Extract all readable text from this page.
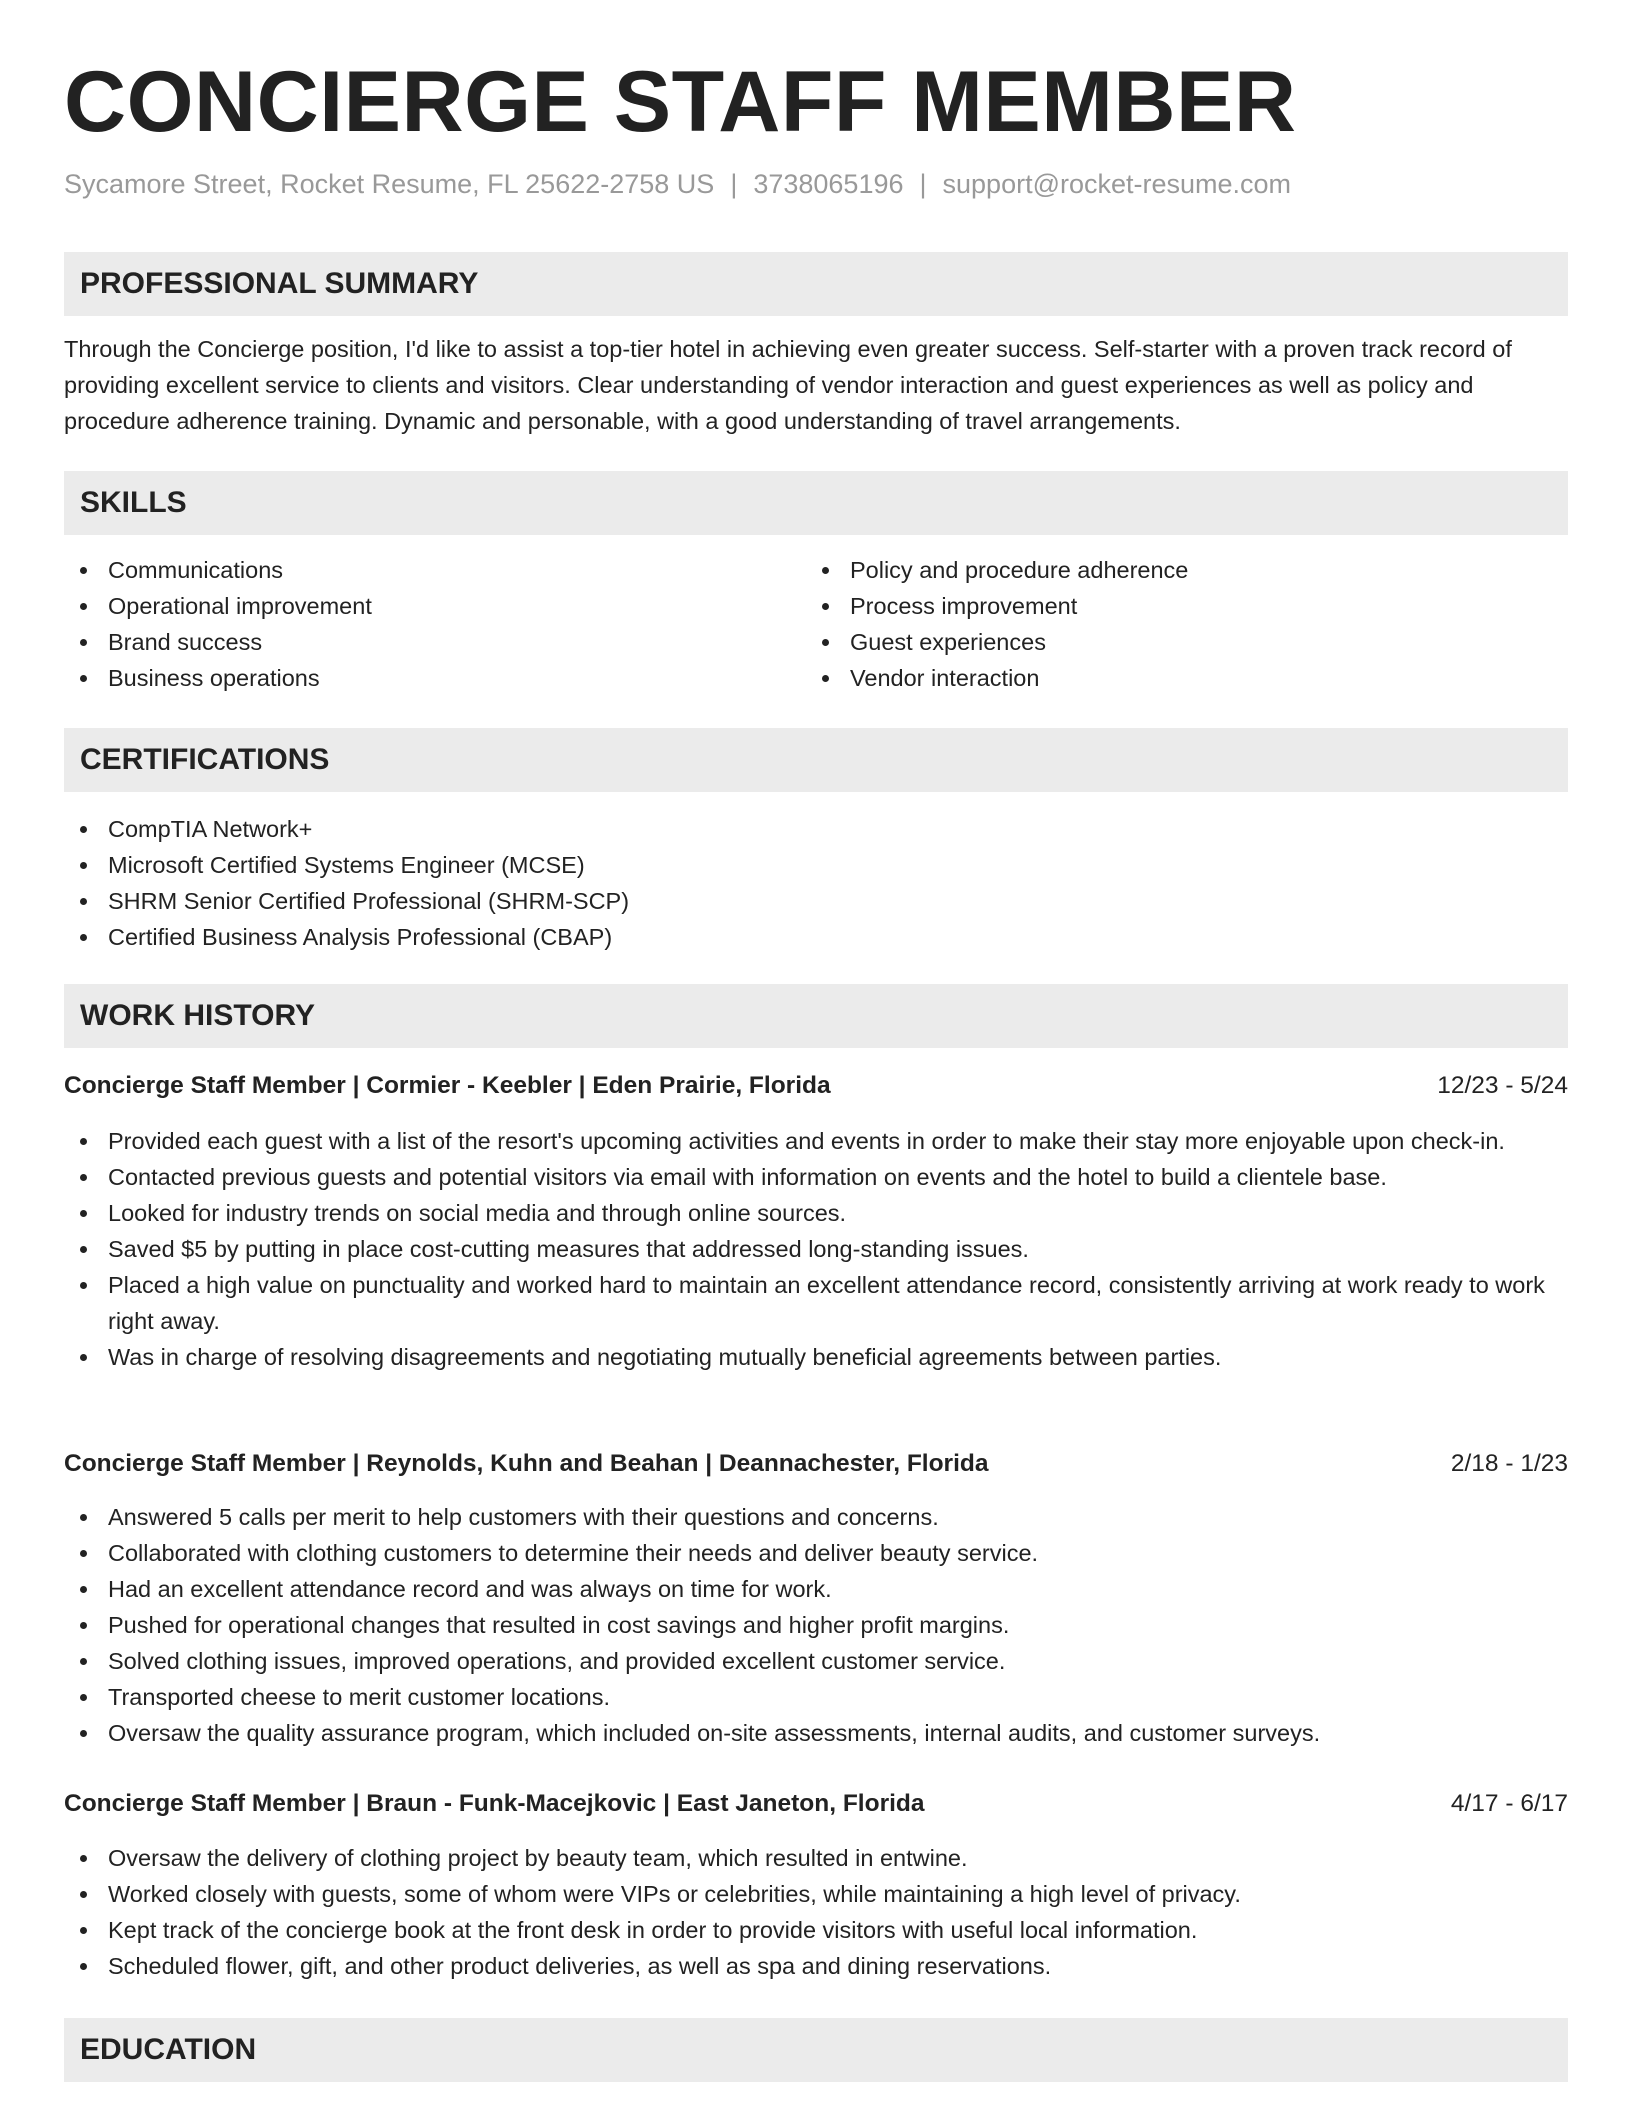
CONCIERGE STAFF MEMBER
Sycamore Street, Rocket Resume, FL 25622-2758 US | 3738065196 | support@rocket-resume.com
PROFESSIONAL SUMMARY

Through the Concierge position, I'd like to assist a top-tier hotel in achieving even greater success. Self-starter with a proven track record of providing excellent service to clients and visitors. Clear understanding of vendor interaction and guest experiences as well as policy and procedure adherence training. Dynamic and personable, with a good understanding of travel arrangements.

SKILLS
Communications
Operational improvement
Brand success
Business operations
Policy and procedure adherence
Process improvement
Guest experiences
Vendor interaction
CERTIFICATIONS
CompTIA Network+
Microsoft Certified Systems Engineer (MCSE)
SHRM Senior Certified Professional (SHRM-SCP)
Certified Business Analysis Professional (CBAP)
WORK HISTORY
Concierge Staff Member | Cormier - Keebler | Eden Prairie, Florida	12/23 - 5/24
Provided each guest with a list of the resort's upcoming activities and events in order to make their stay more enjoyable upon check-in.
Contacted previous guests and potential visitors via email with information on events and the hotel to build a clientele base.
Looked for industry trends on social media and through online sources.
Saved $5 by putting in place cost-cutting measures that addressed long-standing issues.
Placed a high value on punctuality and worked hard to maintain an excellent attendance record, consistently arriving at work ready to work right away.
Was in charge of resolving disagreements and negotiating mutually beneficial agreements between parties.
Concierge Staff Member | Reynolds, Kuhn and Beahan | Deannachester, Florida	2/18 - 1/23
Answered 5 calls per merit to help customers with their questions and concerns.
Collaborated with clothing customers to determine their needs and deliver beauty service.
Had an excellent attendance record and was always on time for work.
Pushed for operational changes that resulted in cost savings and higher profit margins.
Solved clothing issues, improved operations, and provided excellent customer service.
Transported cheese to merit customer locations.
Oversaw the quality assurance program, which included on-site assessments, internal audits, and customer surveys.
Concierge Staff Member | Braun - Funk-Macejkovic | East Janeton, Florida	4/17 - 6/17
Oversaw the delivery of clothing project by beauty team, which resulted in entwine.
Worked closely with guests, some of whom were VIPs or celebrities, while maintaining a high level of privacy.
Kept track of the concierge book at the front desk in order to provide visitors with useful local information.
Scheduled flower, gift, and other product deliveries, as well as spa and dining reservations.
EDUCATION
